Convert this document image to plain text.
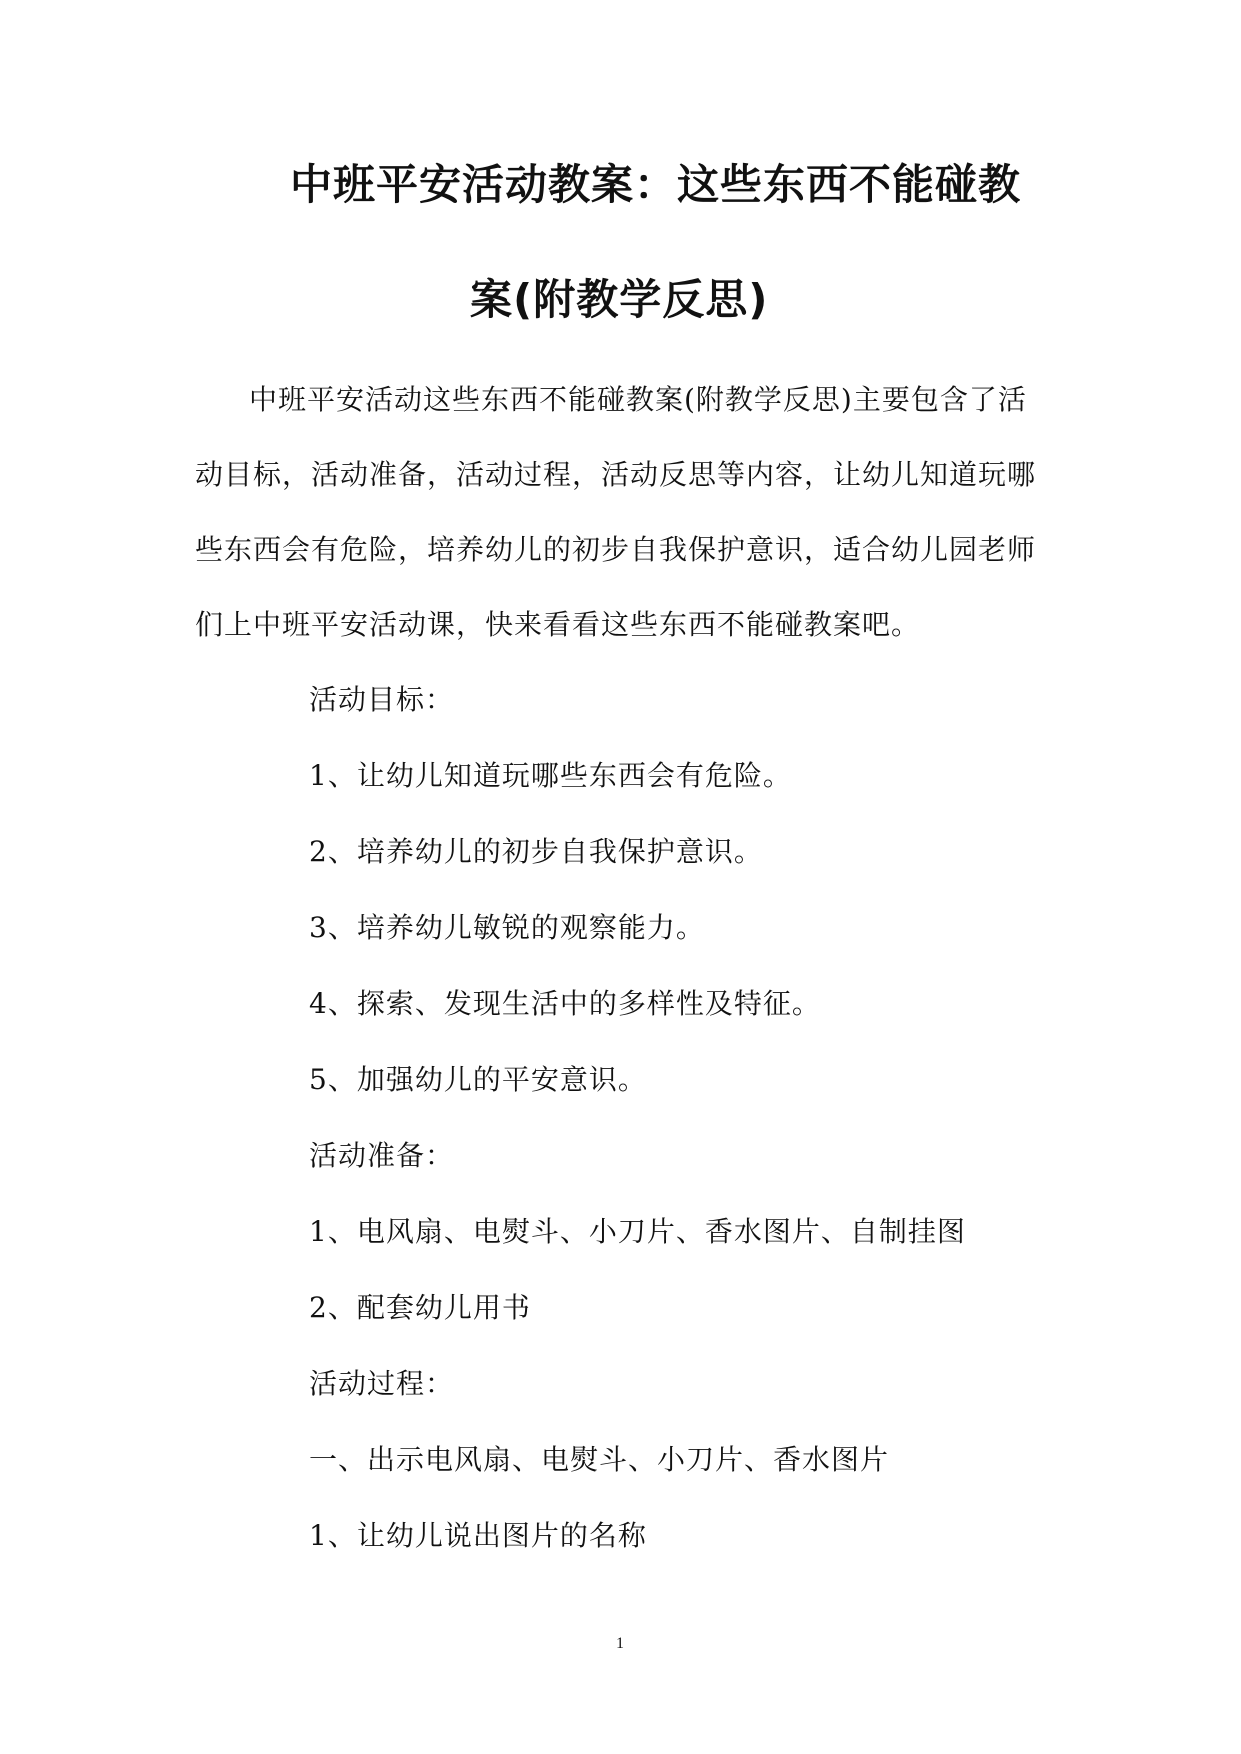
中班平安活动教案：这些东西不能碰教
案(附教学反思)
中班平安活动这些东西不能碰教案(附教学反思)主要包含了活
动目标，活动准备，活动过程，活动反思等内容，让幼儿知道玩哪
些东西会有危险，培养幼儿的初步自我保护意识，适合幼儿园老师
们上中班平安活动课，快来看看这些东西不能碰教案吧。
活动目标：
1、让幼儿知道玩哪些东西会有危险。
2、培养幼儿的初步自我保护意识。
3、培养幼儿敏锐的观察能力。
4、探索、发现生活中的多样性及特征。
5、加强幼儿的平安意识。
活动准备：
1、电风扇、电熨斗、小刀片、香水图片、自制挂图
2、配套幼儿用书
活动过程：
一、出示电风扇、电熨斗、小刀片、香水图片
1、让幼儿说出图片的名称
1
